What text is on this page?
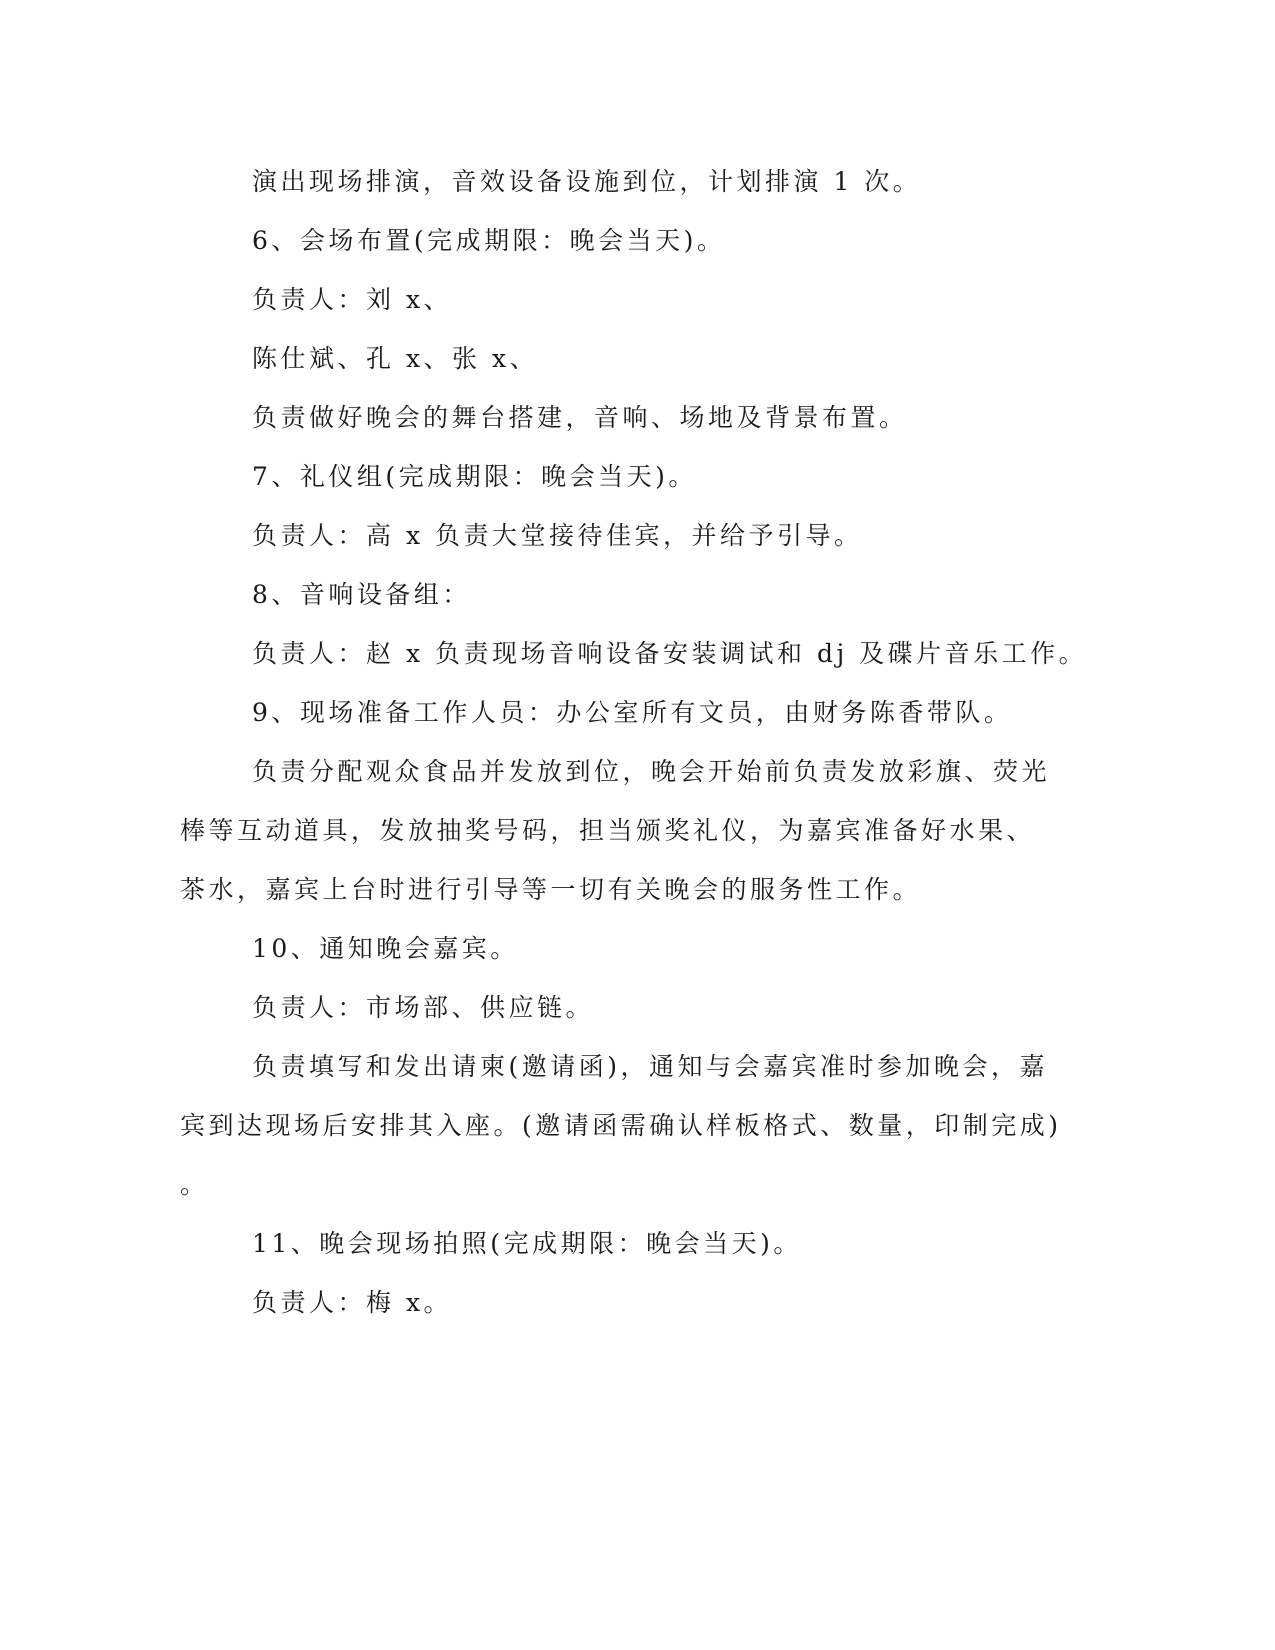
演出现场排演，音效设备设施到位，计划排演 1 次。
6、会场布置(完成期限：晚会当天)。
负责人：刘 x、
陈仕斌、孔 x、张 x、
负责做好晚会的舞台搭建，音响、场地及背景布置。
7、礼仪组(完成期限：晚会当天)。
负责人：高 x 负责大堂接待佳宾，并给予引导。
8、音响设备组：
负责人：赵 x 负责现场音响设备安装调试和 dj 及碟片音乐工作。
9、现场准备工作人员：办公室所有文员，由财务陈香带队。
负责分配观众食品并发放到位，晚会开始前负责发放彩旗、荧光
棒等互动道具，发放抽奖号码，担当颁奖礼仪，为嘉宾准备好水果、
茶水，嘉宾上台时进行引导等一切有关晚会的服务性工作。
10、通知晚会嘉宾。
负责人：市场部、供应链。
负责填写和发出请柬(邀请函)，通知与会嘉宾准时参加晚会，嘉
宾到达现场后安排其入座。(邀请函需确认样板格式、数量，印制完成)
。
11、晚会现场拍照(完成期限：晚会当天)。
负责人：梅 x。
